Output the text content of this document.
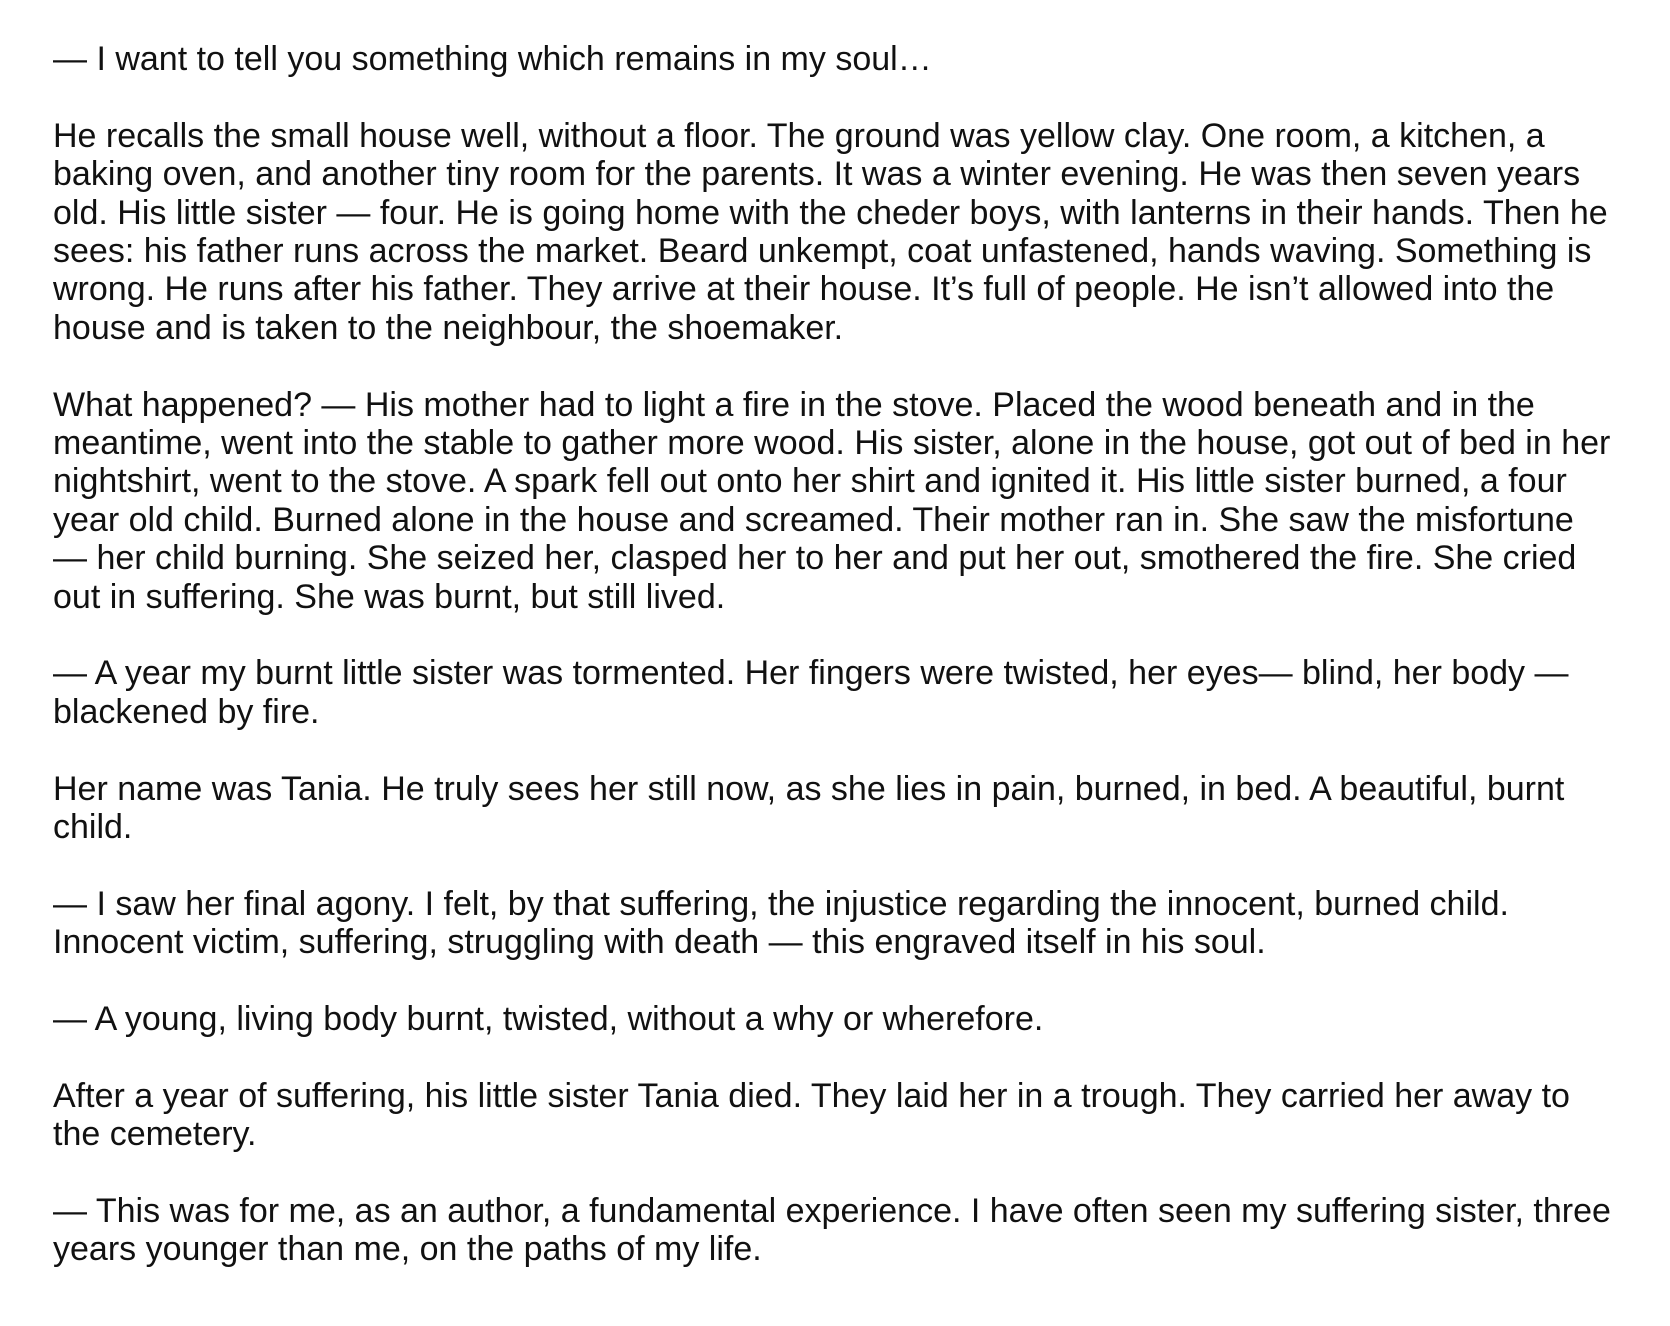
— I want to tell you something which remains in my soul…

He recalls the small house well, without a floor. The ground was yellow clay. One room, a kitchen, a baking oven, and another tiny room for the parents. It was a winter evening. He was then seven years old. His little sister — four. He is going home with the cheder boys, with lanterns in their hands. Then he sees: his father runs across the market. Beard unkempt, coat unfastened, hands waving. Something is wrong. He runs after his father. They arrive at their house. It’s full of people. He isn’t allowed into the house and is taken to the neighbour, the shoemaker.

What happened? — His mother had to light a fire in the stove. Placed the wood beneath and in the meantime, went into the stable to gather more wood. His sister, alone in the house, got out of bed in her nightshirt, went to the stove. A spark fell out onto her shirt and ignited it. His little sister burned, a four year old child. Burned alone in the house and screamed. Their mother ran in. She saw the misfortune — her child burning. She seized her, clasped her to her and put her out, smothered the fire. She cried out in suffering. She was burnt, but still lived.

— A year my burnt little sister was tormented. Her fingers were twisted, her eyes— blind, her body — blackened by fire.

Her name was Tania. He truly sees her still now, as she lies in pain, burned, in bed. A beautiful, burnt child.

— I saw her final agony. I felt, by that suffering, the injustice regarding the innocent, burned child. Innocent victim, suffering, struggling with death — this engraved itself in his soul.

— A young, living body burnt, twisted, without a why or wherefore.

After a year of suffering, his little sister Tania died. They laid her in a trough. They carried her away to the cemetery.

— This was for me, as an author, a fundamental experience. I have often seen my suffering sister, three years younger than me, on the paths of my life.
